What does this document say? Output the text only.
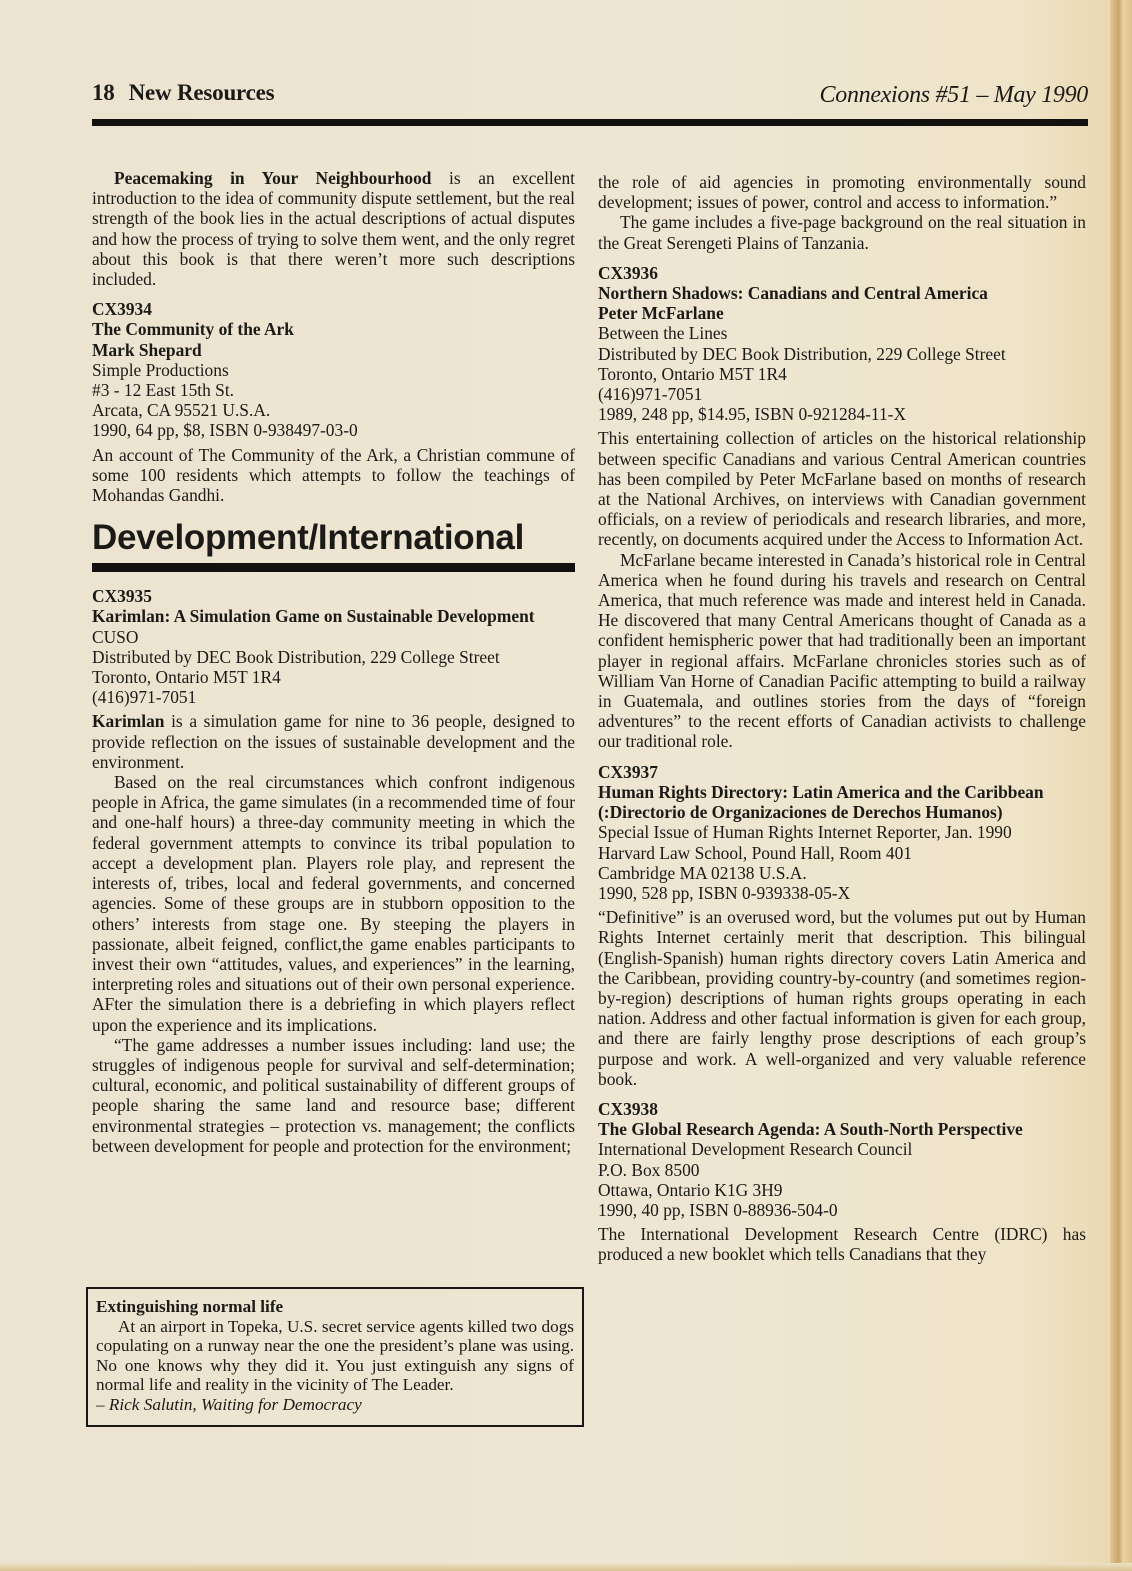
18 New Resources	Connexions #51 – May 1990

Peacemaking in Your Neighbourhood is an excellent introduction to the idea of community dispute settlement, but the real strength of the book lies in the actual descriptions of actual disputes and how the process of trying to solve them went, and the only regret about this book is that there weren’t more such descriptions included.

CX3934
The Community of the Ark
Mark Shepard
Simple Productions
#3 - 12 East 15th St.
Arcata, CA 95521 U.S.A.
1990, 64 pp, $8, ISBN 0-938497-03-0

An account of The Community of the Ark, a Christian commune of some 100 residents which attempts to follow the teachings of Mohandas Gandhi.

Development/International
CX3935
Karimlan: A Simulation Game on Sustainable Development
CUSO
Distributed by DEC Book Distribution, 229 College Street
Toronto, Ontario M5T 1R4
(416)971-7051

Karimlan is a simulation game for nine to 36 people, designed to provide reflection on the issues of sustainable development and the environment.

Based on the real circumstances which confront indigenous people in Africa, the game simulates (in a recommended time of four and one-half hours) a three-day community meeting in which the federal government attempts to convince its tribal population to accept a development plan. Players role play, and represent the interests of, tribes, local and federal governments, and concerned agencies. Some of these groups are in stubborn opposition to the others’ interests from stage one. By steeping the players in passionate, albeit feigned, conflict,the game enables participants to invest their own “attitudes, values, and experiences” in the learning, interpreting roles and situations out of their own personal experience. AFter the simulation there is a debriefing in which players reflect upon the experience and its implications.

“The game addresses a number issues including: land use; the struggles of indigenous people for survival and self-determination; cultural, economic, and political sustainability of different groups of people sharing the same land and resource base; different environmental strategies – protection vs. management; the conflicts between development for people and protection for the environment;

Extinguishing normal life

At an airport in Topeka, U.S. secret service agents killed two dogs copulating on a runway near the one the president’s plane was using. No one knows why they did it. You just extinguish any signs of normal life and reality in the vicinity of The Leader.

– Rick Salutin, Waiting for Democracy

the role of aid agencies in promoting environmentally sound development; issues of power, control and access to information.”

The game includes a five-page background on the real situation in the Great Serengeti Plains of Tanzania.

CX3936
Northern Shadows: Canadians and Central America
Peter McFarlane
Between the Lines
Distributed by DEC Book Distribution, 229 College Street
Toronto, Ontario M5T 1R4
(416)971-7051
1989, 248 pp, $14.95, ISBN 0-921284-11-X

This entertaining collection of articles on the historical relationship between specific Canadians and various Central American countries has been compiled by Peter McFarlane based on months of research at the National Archives, on interviews with Canadian government officials, on a review of periodicals and research libraries, and more, recently, on documents acquired under the Access to Information Act.

McFarlane became interested in Canada’s historical role in Central America when he found during his travels and research on Central America, that much reference was made and interest held in Canada. He discovered that many Central Americans thought of Canada as a confident hemispheric power that had traditionally been an important player in regional affairs. McFarlane chronicles stories such as of William Van Horne of Canadian Pacific attempting to build a railway in Guatemala, and outlines stories from the days of “foreign adventures” to the recent efforts of Canadian activists to challenge our traditional role.

CX3937
Human Rights Directory: Latin America and the Caribbean (:Directorio de Organizaciones de Derechos Humanos)
Special Issue of Human Rights Internet Reporter, Jan. 1990
Harvard Law School, Pound Hall, Room 401
Cambridge MA 02138 U.S.A.
1990, 528 pp, ISBN 0-939338-05-X

“Definitive” is an overused word, but the volumes put out by Human Rights Internet certainly merit that description. This bilingual (English-Spanish) human rights directory covers Latin America and the Caribbean, providing country-by-country (and sometimes region-by-region) descriptions of human rights groups operating in each nation. Address and other factual information is given for each group, and there are fairly lengthy prose descriptions of each group’s purpose and work. A well-organized and very valuable reference book.

CX3938
The Global Research Agenda: A South-North Perspective
International Development Research Council
P.O. Box 8500
Ottawa, Ontario K1G 3H9
1990, 40 pp, ISBN 0-88936-504-0

The International Development Research Centre (IDRC) has produced a new booklet which tells Canadians that they
